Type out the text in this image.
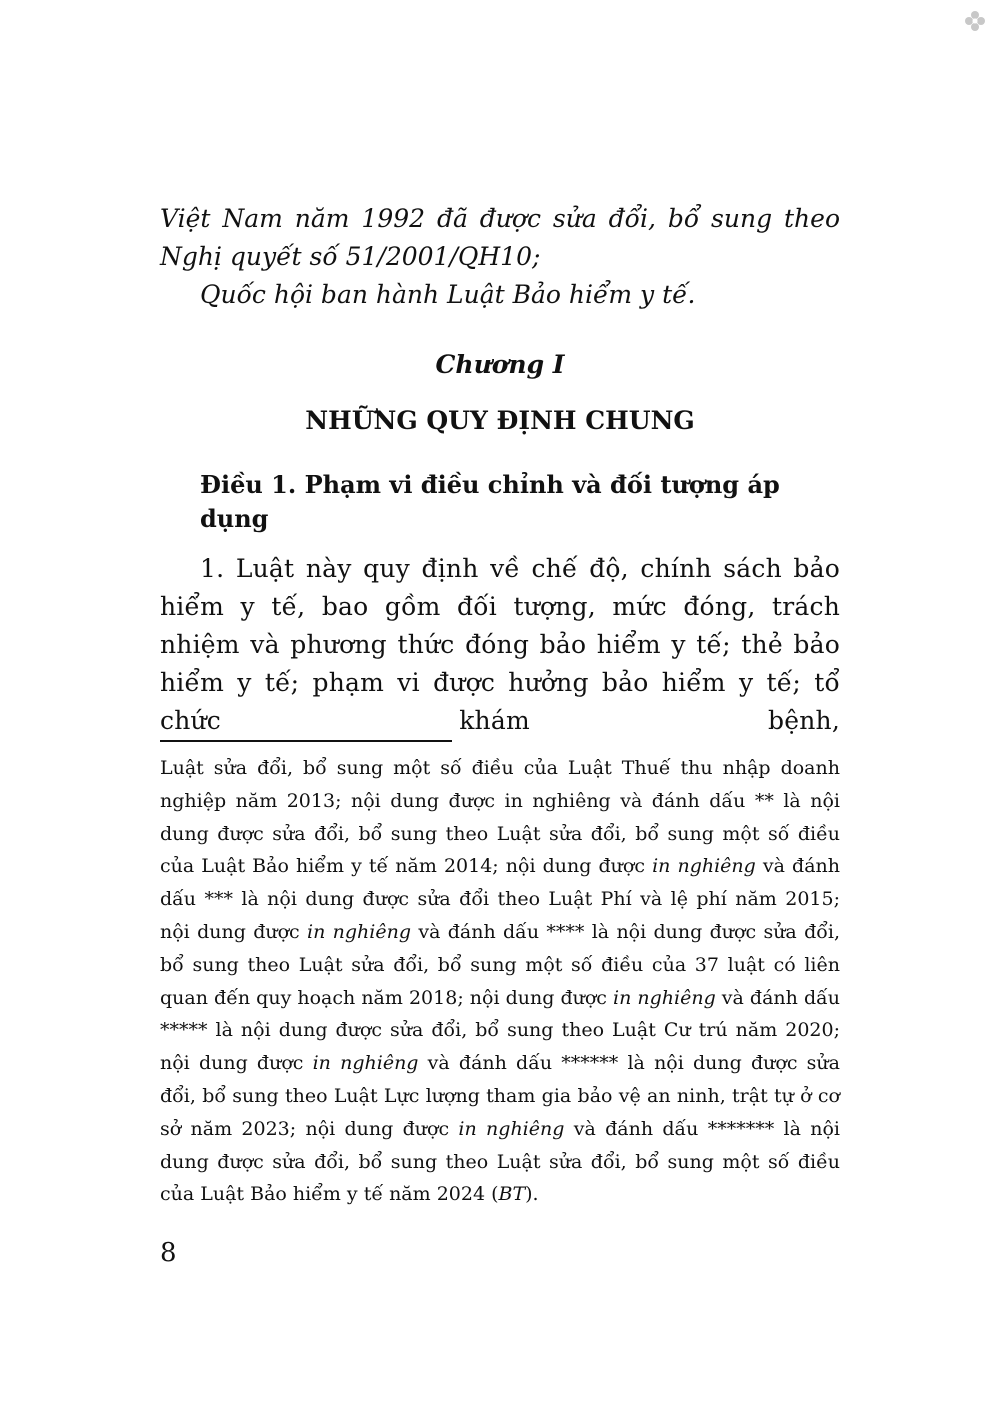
Việt Nam năm 1992 đã được sửa đổi, bổ sung theo Nghị quyết số 51/2001/QH10;

Quốc hội ban hành Luật Bảo hiểm y tế.

Chương I

NHỮNG QUY ĐỊNH CHUNG

Điều 1. Phạm vi điều chỉnh và đối tượng áp dụng

1. Luật này quy định về chế độ, chính sách bảo hiểm y tế, bao gồm đối tượng, mức đóng, trách nhiệm và phương thức đóng bảo hiểm y tế; thẻ bảo hiểm y tế; phạm vi được hưởng bảo hiểm y tế; tổ chức khám bệnh,

Luật sửa đổi, bổ sung một số điều của Luật Thuế thu nhập doanh nghiệp năm 2013; nội dung được in nghiêng và đánh dấu ** là nội dung được sửa đổi, bổ sung theo Luật sửa đổi, bổ sung một số điều của Luật Bảo hiểm y tế năm 2014; nội dung được in nghiêng và đánh dấu *** là nội dung được sửa đổi theo Luật Phí và lệ phí năm 2015; nội dung được in nghiêng và đánh dấu **** là nội dung được sửa đổi, bổ sung theo Luật sửa đổi, bổ sung một số điều của 37 luật có liên quan đến quy hoạch năm 2018; nội dung được in nghiêng và đánh dấu ***** là nội dung được sửa đổi, bổ sung theo Luật Cư trú năm 2020; nội dung được in nghiêng và đánh dấu ****** là nội dung được sửa đổi, bổ sung theo Luật Lực lượng tham gia bảo vệ an ninh, trật tự ở cơ sở năm 2023; nội dung được in nghiêng và đánh dấu ******* là nội dung được sửa đổi, bổ sung theo Luật sửa đổi, bổ sung một số điều của Luật Bảo hiểm y tế năm 2024 (BT).

8
